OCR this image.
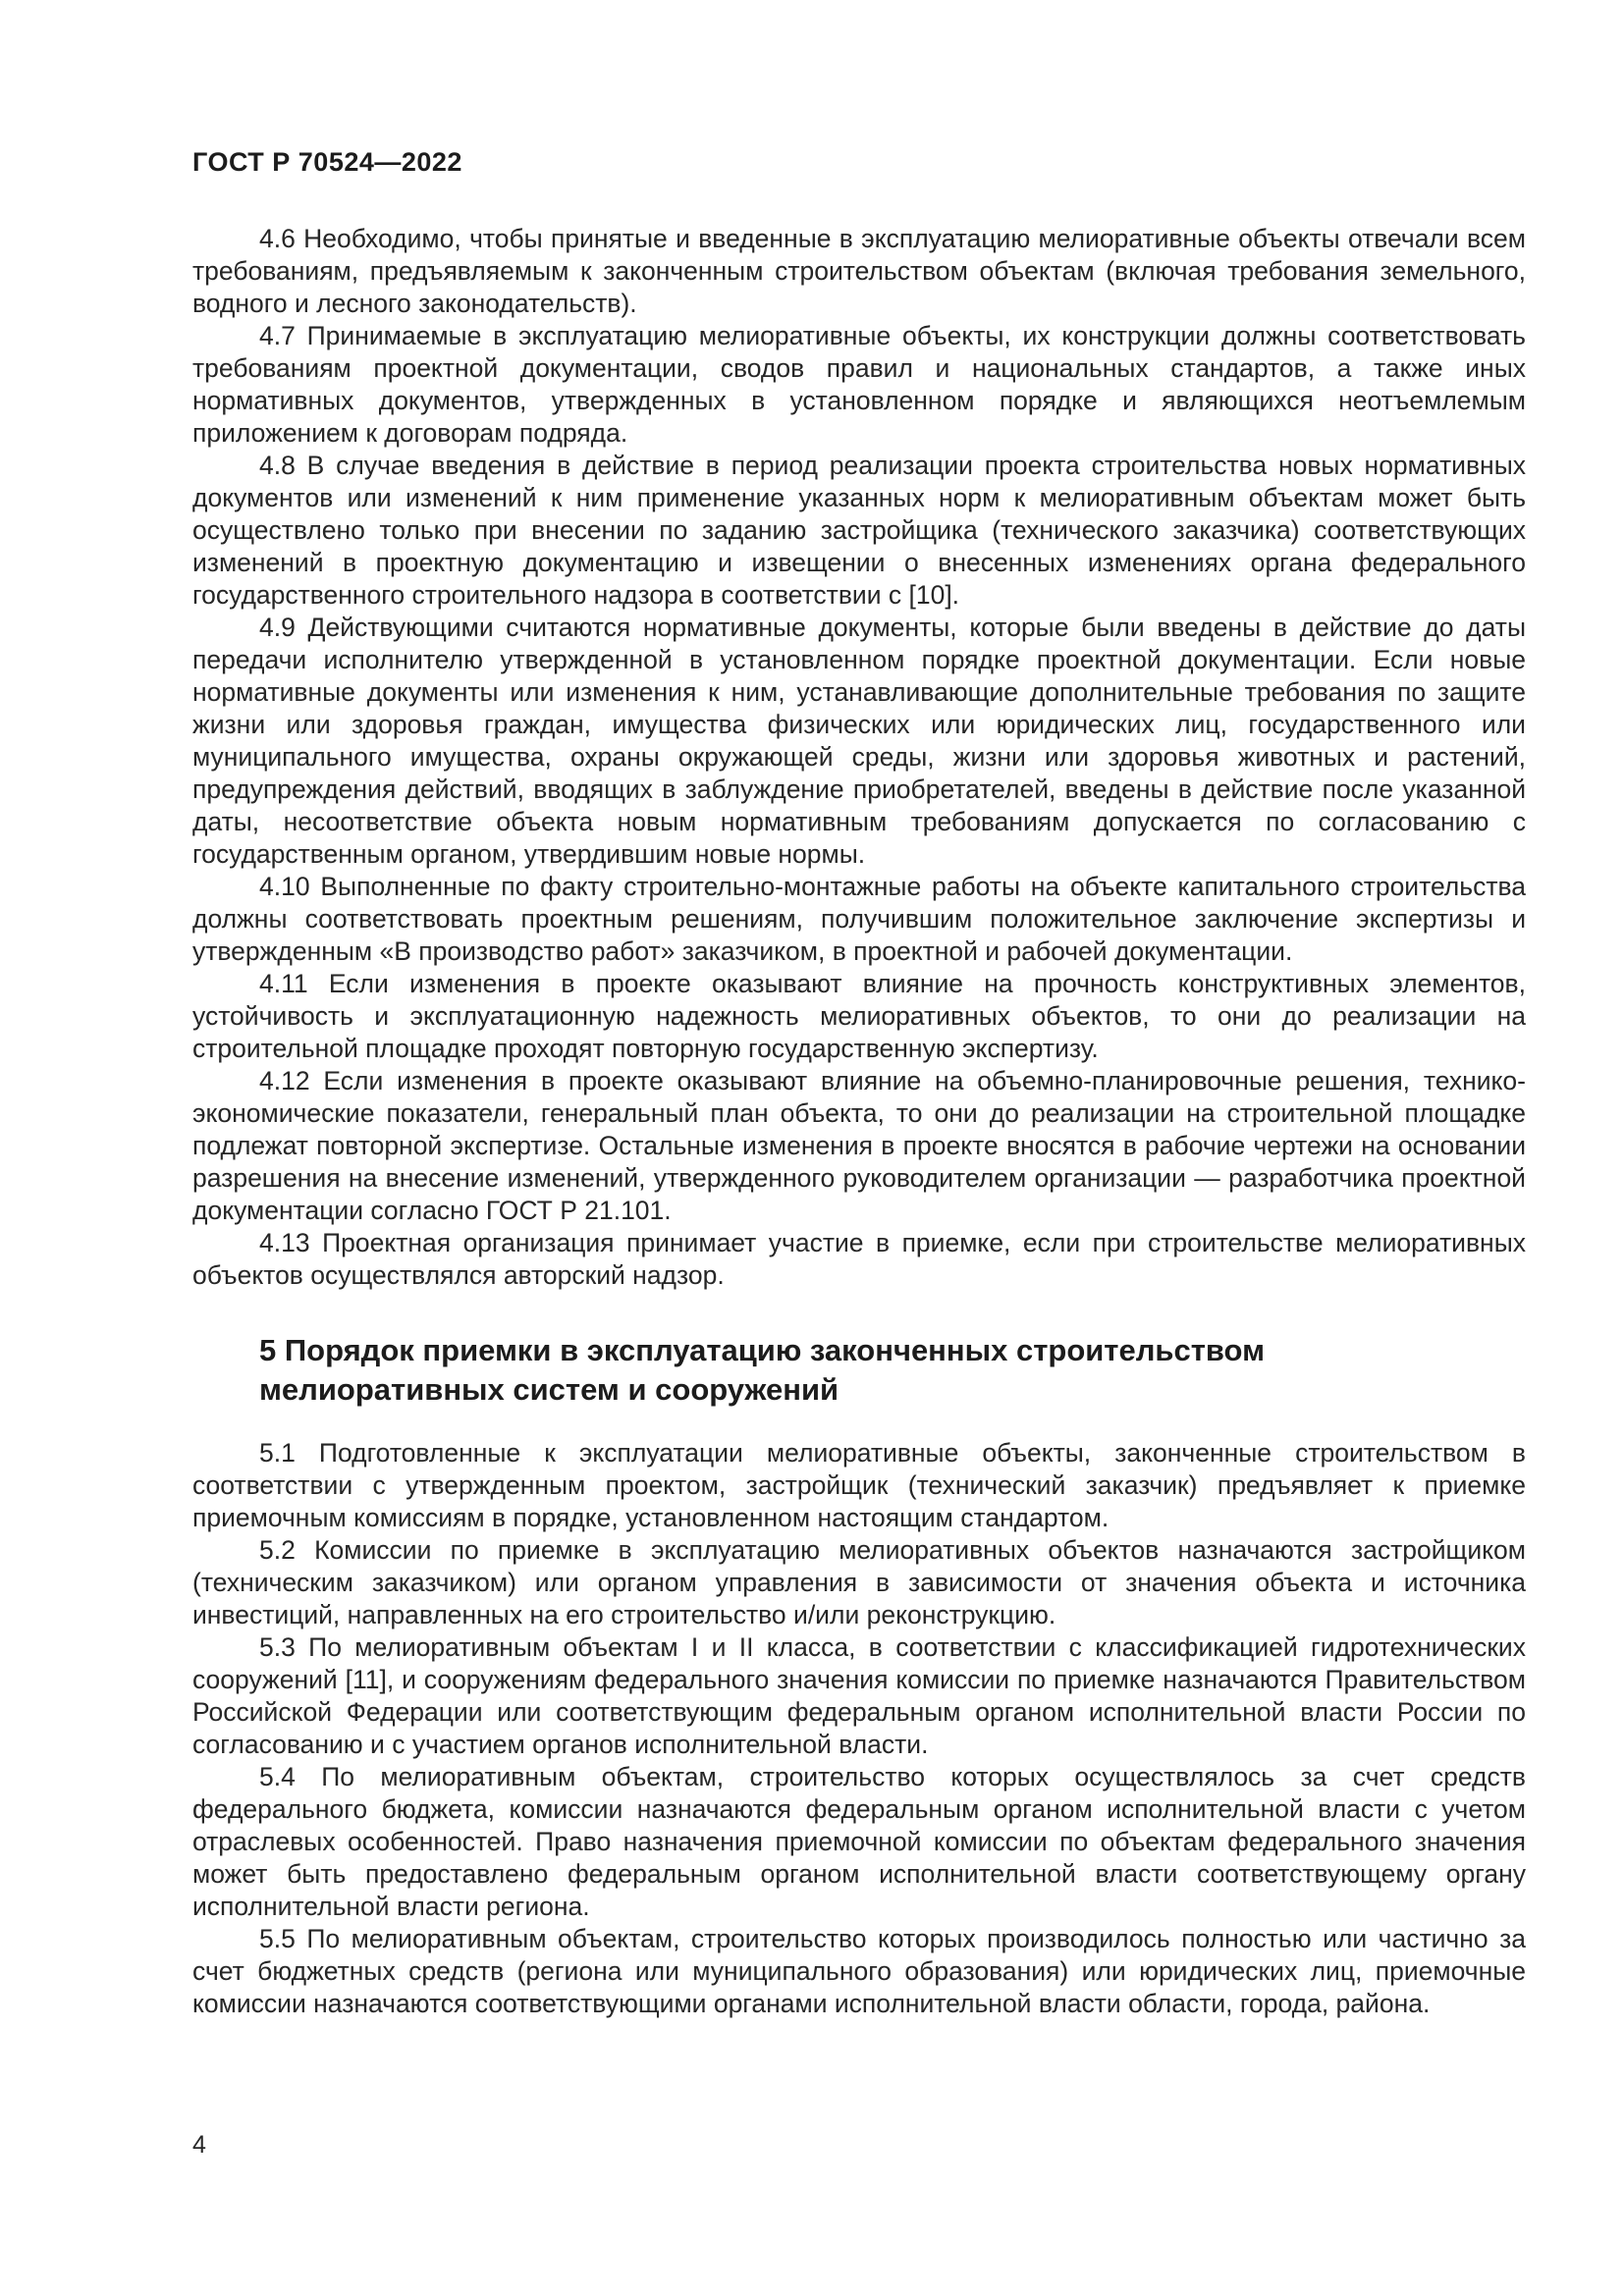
ГОСТ Р 70524—2022

4.6 Необходимо, чтобы принятые и введенные в эксплуатацию мелиоративные объекты отвечали всем требованиям, предъявляемым к законченным строительством объектам (включая требования земельного, водного и лесного законодательств).

4.7 Принимаемые в эксплуатацию мелиоративные объекты, их конструкции должны соответствовать требованиям проектной документации, сводов правил и национальных стандартов, а также иных нормативных документов, утвержденных в установленном порядке и являющихся неотъемлемым приложением к договорам подряда.

4.8 В случае введения в действие в период реализации проекта строительства новых нормативных документов или изменений к ним применение указанных норм к мелиоративным объектам может быть осуществлено только при внесении по заданию застройщика (технического заказчика) соответствующих изменений в проектную документацию и извещении о внесенных изменениях органа федерального государственного строительного надзора в соответствии с [10].

4.9 Действующими считаются нормативные документы, которые были введены в действие до даты передачи исполнителю утвержденной в установленном порядке проектной документации. Если новые нормативные документы или изменения к ним, устанавливающие дополнительные требования по защите жизни или здоровья граждан, имущества физических или юридических лиц, государственного или муниципального имущества, охраны окружающей среды, жизни или здоровья животных и растений, предупреждения действий, вводящих в заблуждение приобретателей, введены в действие после указанной даты, несоответствие объекта новым нормативным требованиям допускается по согласованию с государственным органом, утвердившим новые нормы.

4.10 Выполненные по факту строительно-монтажные работы на объекте капитального строительства должны соответствовать проектным решениям, получившим положительное заключение экспертизы и утвержденным «В производство работ» заказчиком, в проектной и рабочей документации.

4.11 Если изменения в проекте оказывают влияние на прочность конструктивных элементов, устойчивость и эксплуатационную надежность мелиоративных объектов, то они до реализации на строительной площадке проходят повторную государственную экспертизу.

4.12 Если изменения в проекте оказывают влияние на объемно-планировочные решения, технико-экономические показатели, генеральный план объекта, то они до реализации на строительной площадке подлежат повторной экспертизе. Остальные изменения в проекте вносятся в рабочие чертежи на основании разрешения на внесение изменений, утвержденного руководителем организации — разработчика проектной документации согласно ГОСТ Р 21.101.

4.13 Проектная организация принимает участие в приемке, если при строительстве мелиоративных объектов осуществлялся авторский надзор.

5 Порядок приемки в эксплуатацию законченных строительством
мелиоративных систем и сооружений

5.1 Подготовленные к эксплуатации мелиоративные объекты, законченные строительством в соответствии с утвержденным проектом, застройщик (технический заказчик) предъявляет к приемке приемочным комиссиям в порядке, установленном настоящим стандартом.

5.2 Комиссии по приемке в эксплуатацию мелиоративных объектов назначаются застройщиком (техническим заказчиком) или органом управления в зависимости от значения объекта и источника инвестиций, направленных на его строительство и/или реконструкцию.

5.3 По мелиоративным объектам I и II класса, в соответствии с классификацией гидротехнических сооружений [11], и сооружениям федерального значения комиссии по приемке назначаются Правительством Российской Федерации или соответствующим федеральным органом исполнительной власти России по согласованию и с участием органов исполнительной власти.

5.4 По мелиоративным объектам, строительство которых осуществлялось за счет средств федерального бюджета, комиссии назначаются федеральным органом исполнительной власти с учетом отраслевых особенностей. Право назначения приемочной комиссии по объектам федерального значения может быть предоставлено федеральным органом исполнительной власти соответствующему органу исполнительной власти региона.

5.5 По мелиоративным объектам, строительство которых производилось полностью или частично за счет бюджетных средств (региона или муниципального образования) или юридических лиц, приемочные комиссии назначаются соответствующими органами исполнительной власти области, города, района.

4
